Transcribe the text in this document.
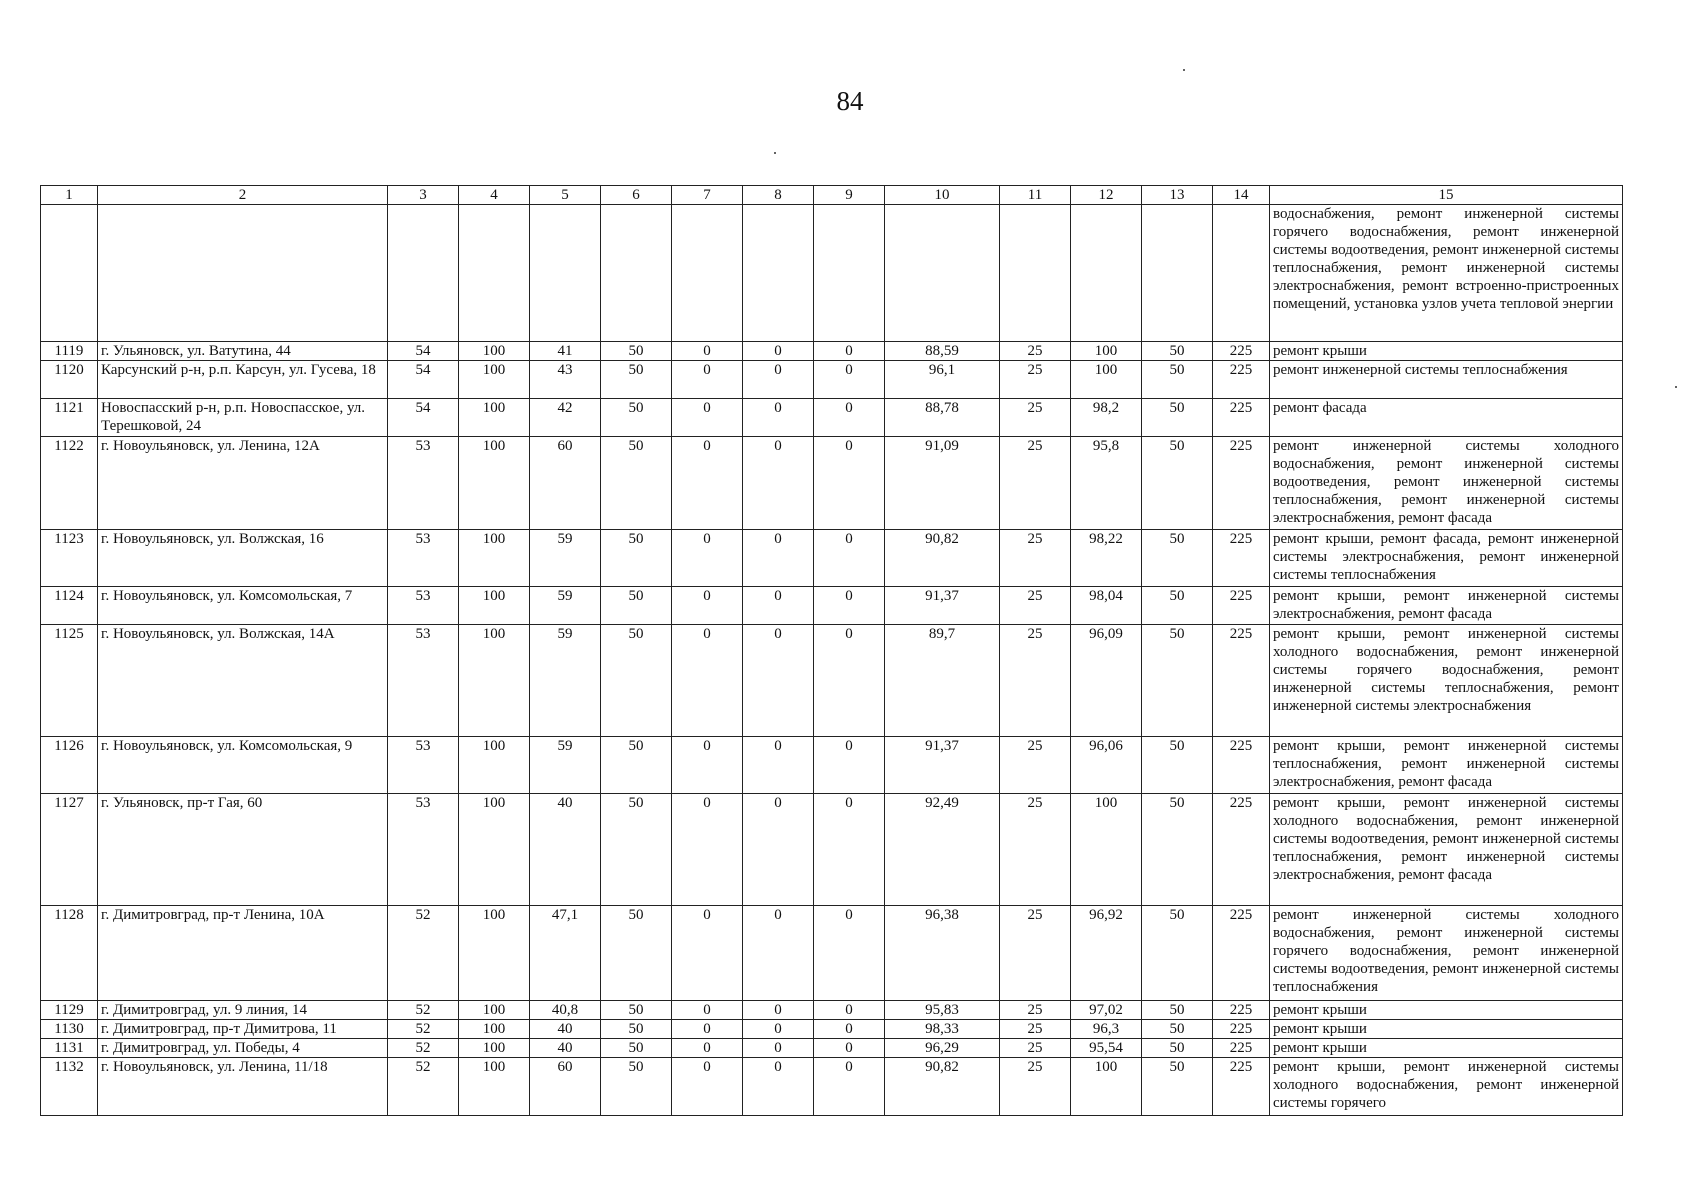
84
1	2	3	4	5	6	7	8	9	10	11	12	13	14	15
														водоснабжения, ремонт инженерной системы горячего водоснабжения, ремонт инженерной системы водоотведения, ремонт инженерной системы теплоснабжения, ремонт инженерной системы электроснабжения, ремонт встроенно-пристроенных помещений, установка узлов учета тепловой энергии
1119	г. Ульяновск, ул. Ватутина, 44	54	100	41	50	0	0	0	88,59	25	100	50	225	ремонт крыши
1120	Карсунский р-н, р.п. Карсун, ул. Гусева, 18	54	100	43	50	0	0	0	96,1	25	100	50	225	ремонт инженерной системы теплоснабжения
1121	Новоспасский р-н, р.п. Новоспасское, ул. Терешковой, 24	54	100	42	50	0	0	0	88,78	25	98,2	50	225	ремонт фасада
1122	г. Новоульяновск, ул. Ленина, 12А	53	100	60	50	0	0	0	91,09	25	95,8	50	225	ремонт инженерной системы холодного водоснабжения, ремонт инженерной системы водоотведения, ремонт инженерной системы теплоснабжения, ремонт инженерной системы электроснабжения, ремонт фасада
1123	г. Новоульяновск, ул. Волжская, 16	53	100	59	50	0	0	0	90,82	25	98,22	50	225	ремонт крыши, ремонт фасада, ремонт инженерной системы электроснабжения, ремонт инженерной системы теплоснабжения
1124	г. Новоульяновск, ул. Комсомольская, 7	53	100	59	50	0	0	0	91,37	25	98,04	50	225	ремонт крыши, ремонт инженерной системы электроснабжения, ремонт фасада
1125	г. Новоульяновск, ул. Волжская, 14А	53	100	59	50	0	0	0	89,7	25	96,09	50	225	ремонт крыши, ремонт инженерной системы холодного водоснабжения, ремонт инженерной системы горячего водоснабжения, ремонт инженерной системы теплоснабжения, ремонт инженерной системы электроснабжения
1126	г. Новоульяновск, ул. Комсомольская, 9	53	100	59	50	0	0	0	91,37	25	96,06	50	225	ремонт крыши, ремонт инженерной системы теплоснабжения, ремонт инженерной системы электроснабжения, ремонт фасада
1127	г. Ульяновск, пр-т Гая, 60	53	100	40	50	0	0	0	92,49	25	100	50	225	ремонт крыши, ремонт инженерной системы холодного водоснабжения, ремонт инженерной системы водоотведения, ремонт инженерной системы теплоснабжения, ремонт инженерной системы электроснабжения, ремонт фасада
1128	г. Димитровград, пр-т Ленина, 10А	52	100	47,1	50	0	0	0	96,38	25	96,92	50	225	ремонт инженерной системы холодного водоснабжения, ремонт инженерной системы горячего водоснабжения, ремонт инженерной системы водоотведения, ремонт инженерной системы теплоснабжения
1129	г. Димитровград, ул. 9 линия, 14	52	100	40,8	50	0	0	0	95,83	25	97,02	50	225	ремонт крыши
1130	г. Димитровград, пр-т Димитрова, 11	52	100	40	50	0	0	0	98,33	25	96,3	50	225	ремонт крыши
1131	г. Димитровград, ул. Победы, 4	52	100	40	50	0	0	0	96,29	25	95,54	50	225	ремонт крыши
1132	г. Новоульяновск, ул. Ленина, 11/18	52	100	60	50	0	0	0	90,82	25	100	50	225	ремонт крыши, ремонт инженерной системы холодного водоснабжения, ремонт инженерной системы горячего
